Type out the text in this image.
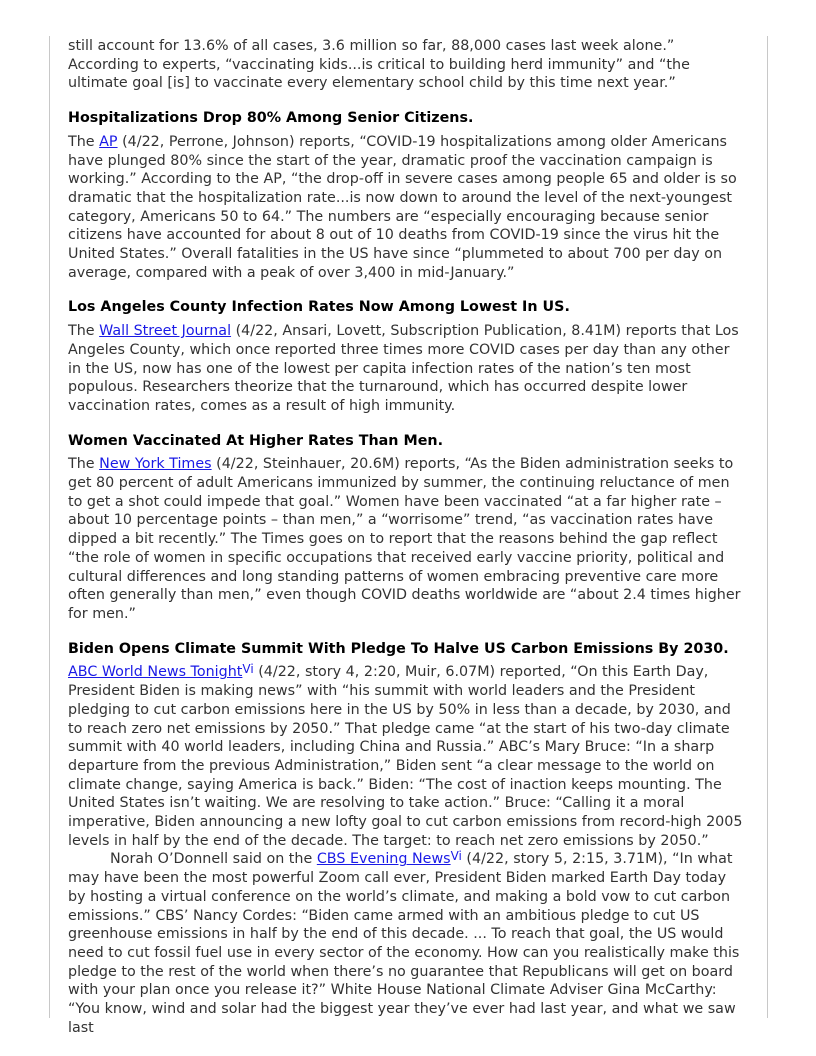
still account for 13.6% of all cases, 3.6 million so far, 88,000 cases last week alone.” According to experts, “vaccinating kids...is critical to building herd immunity” and “the ultimate goal [is] to vaccinate every elementary school child by this time next year.”

Hospitalizations Drop 80% Among Senior Citizens.

The AP (4/22, Perrone, Johnson) reports, “COVID-19 hospitalizations among older Americans have plunged 80% since the start of the year, dramatic proof the vaccination campaign is working.” According to the AP, “the drop-off in severe cases among people 65 and older is so dramatic that the hospitalization rate...is now down to around the level of the next-youngest category, Americans 50 to 64.” The numbers are “especially encouraging because senior citizens have accounted for about 8 out of 10 deaths from COVID-19 since the virus hit the United States.” Overall fatalities in the US have since “plummeted to about 700 per day on average, compared with a peak of over 3,400 in mid-January.”

Los Angeles County Infection Rates Now Among Lowest In US.

The Wall Street Journal (4/22, Ansari, Lovett, Subscription Publication, 8.41M) reports that Los Angeles County, which once reported three times more COVID cases per day than any other in the US, now has one of the lowest per capita infection rates of the nation’s ten most populous. Researchers theorize that the turnaround, which has occurred despite lower vaccination rates, comes as a result of high immunity.

Women Vaccinated At Higher Rates Than Men.

The New York Times (4/22, Steinhauer, 20.6M) reports, “As the Biden administration seeks to get 80 percent of adult Americans immunized by summer, the continuing reluctance of men to get a shot could impede that goal.” Women have been vaccinated “at a far higher rate – about 10 percentage points – than men,” a “worrisome” trend, “as vaccination rates have dipped a bit recently.” The Times goes on to report that the reasons behind the gap reflect “the role of women in specific occupations that received early vaccine priority, political and cultural differences and long standing patterns of women embracing preventive care more often generally than men,” even though COVID deaths worldwide are “about 2.4 times higher for men.”

Biden Opens Climate Summit With Pledge To Halve US Carbon Emissions By 2030.

ABC World News Tonight$^{Vi}$ (4/22, story 4, 2:20, Muir, 6.07M) reported, “On this Earth Day, President Biden is making news” with “his summit with world leaders and the President pledging to cut carbon emissions here in the US by 50% in less than a decade, by 2030, and to reach zero net emissions by 2050.” That pledge came “at the start of his two-day climate summit with 40 world leaders, including China and Russia.” ABC’s Mary Bruce: “In a sharp departure from the previous Administration,” Biden sent “a clear message to the world on climate change, saying America is back.” Biden: “The cost of inaction keeps mounting. The United States isn’t waiting. We are resolving to take action.” Bruce: “Calling it a moral imperative, Biden announcing a new lofty goal to cut carbon emissions from record-high 2005 levels in half by the end of the decade. The target: to reach net zero emissions by 2050.”

Norah O’Donnell said on the CBS Evening News$^{Vi}$ (4/22, story 5, 2:15, 3.71M), “In what may have been the most powerful Zoom call ever, President Biden marked Earth Day today by hosting a virtual conference on the world’s climate, and making a bold vow to cut carbon emissions.” CBS’ Nancy Cordes: “Biden came armed with an ambitious pledge to cut US greenhouse emissions in half by the end of this decade. ... To reach that goal, the US would need to cut fossil fuel use in every sector of the economy. How can you realistically make this pledge to the rest of the world when there’s no guarantee that Republicans will get on board with your plan once you release it?” White House National Climate Adviser Gina McCarthy: “You know, wind and solar had the biggest year they’ve ever had last year, and what we saw last
